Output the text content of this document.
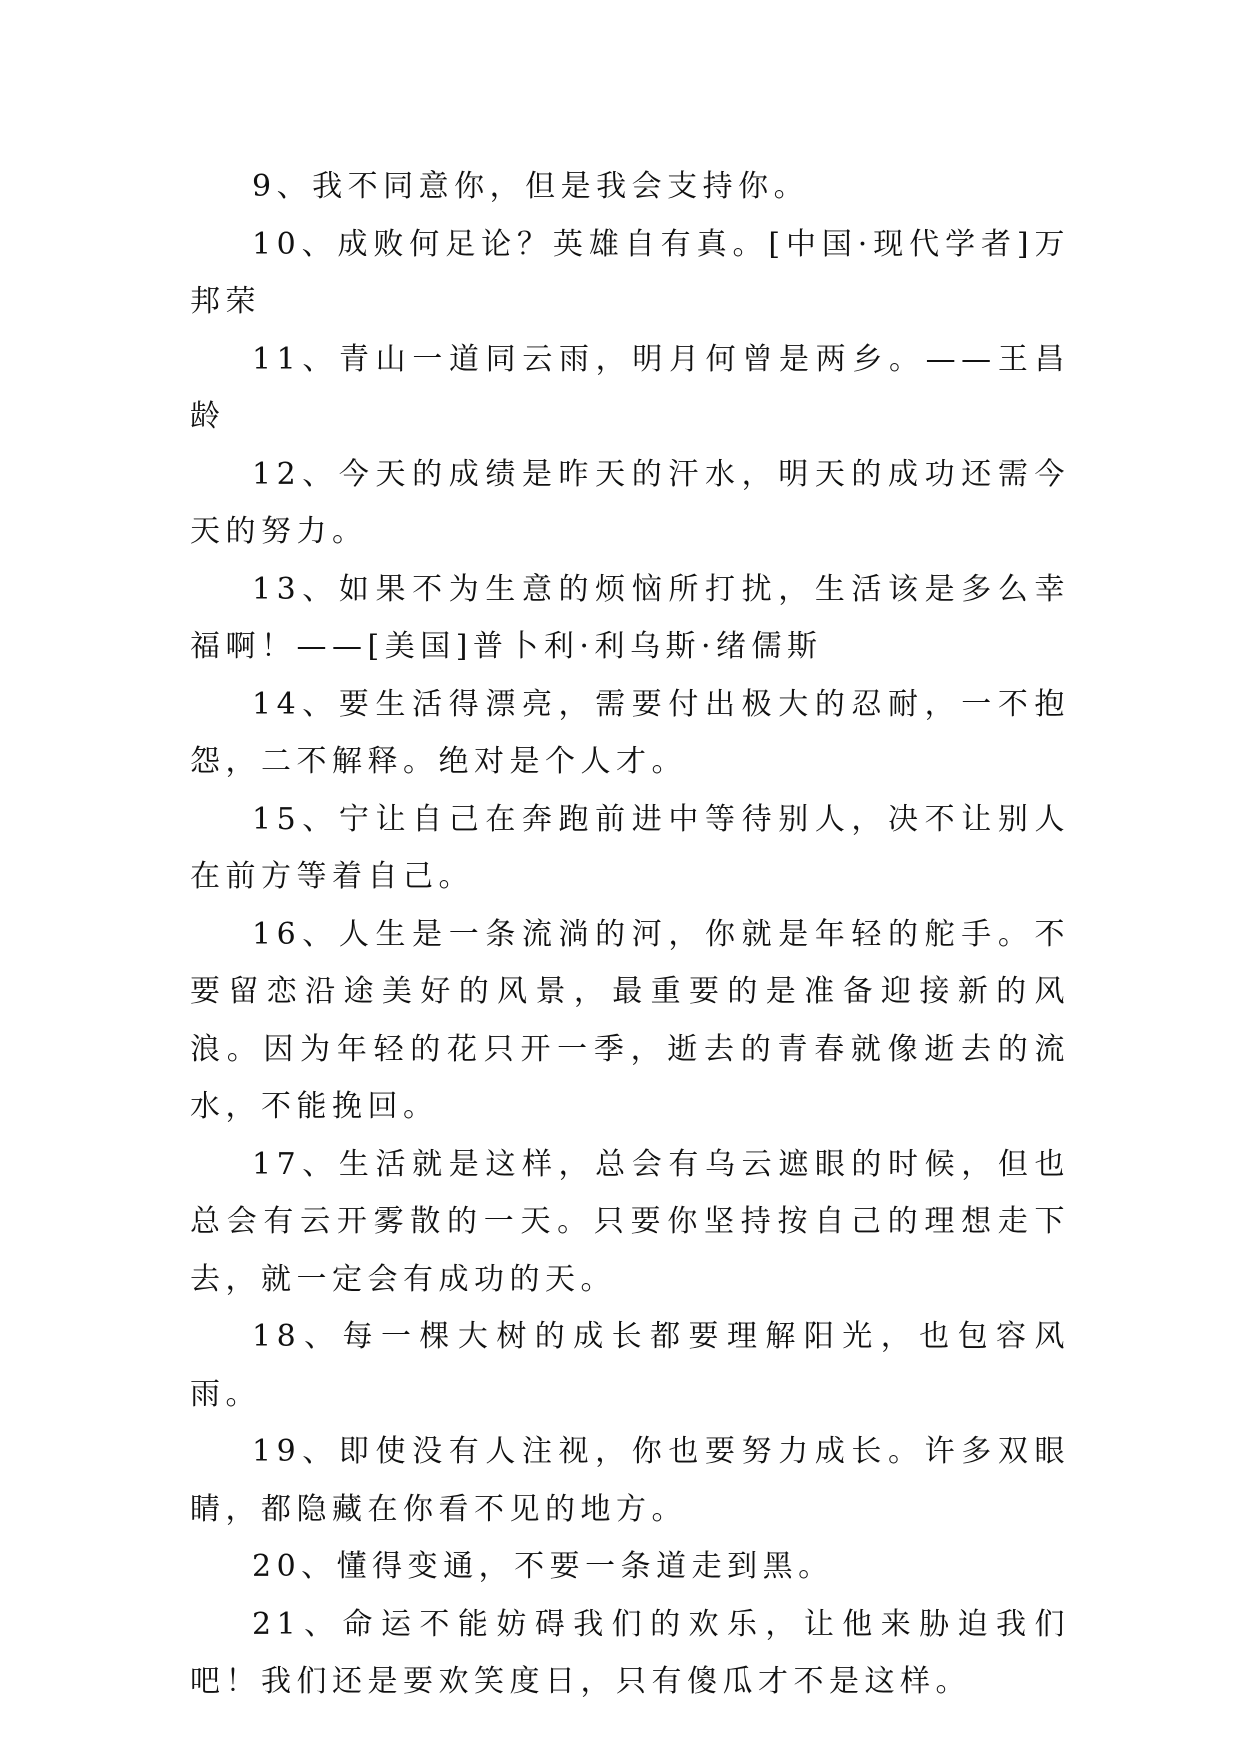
9、我不同意你，但是我会支持你。

10、成败何足论？英雄自有真。[中国·现代学者]万邦荣

11、青山一道同云雨，明月何曾是两乡。——王昌龄

12、今天的成绩是昨天的汗水，明天的成功还需今天的努力。

13、如果不为生意的烦恼所打扰，生活该是多么幸福啊！——[美国]普卜利·利乌斯·绪儒斯

14、要生活得漂亮，需要付出极大的忍耐，一不抱怨，二不解释。绝对是个人才。

15、宁让自己在奔跑前进中等待别人，决不让别人在前方等着自己。

16、人生是一条流淌的河，你就是年轻的舵手。不要留恋沿途美好的风景，最重要的是准备迎接新的风浪。因为年轻的花只开一季，逝去的青春就像逝去的流水，不能挽回。

17、生活就是这样，总会有乌云遮眼的时候，但也总会有云开雾散的一天。只要你坚持按自己的理想走下去，就一定会有成功的天。

18、每一棵大树的成长都要理解阳光，也包容风雨。

19、即使没有人注视，你也要努力成长。许多双眼睛，都隐藏在你看不见的地方。

20、懂得变通，不要一条道走到黑。

21、命运不能妨碍我们的欢乐，让他来胁迫我们吧！我们还是要欢笑度日，只有傻瓜才不是这样。
